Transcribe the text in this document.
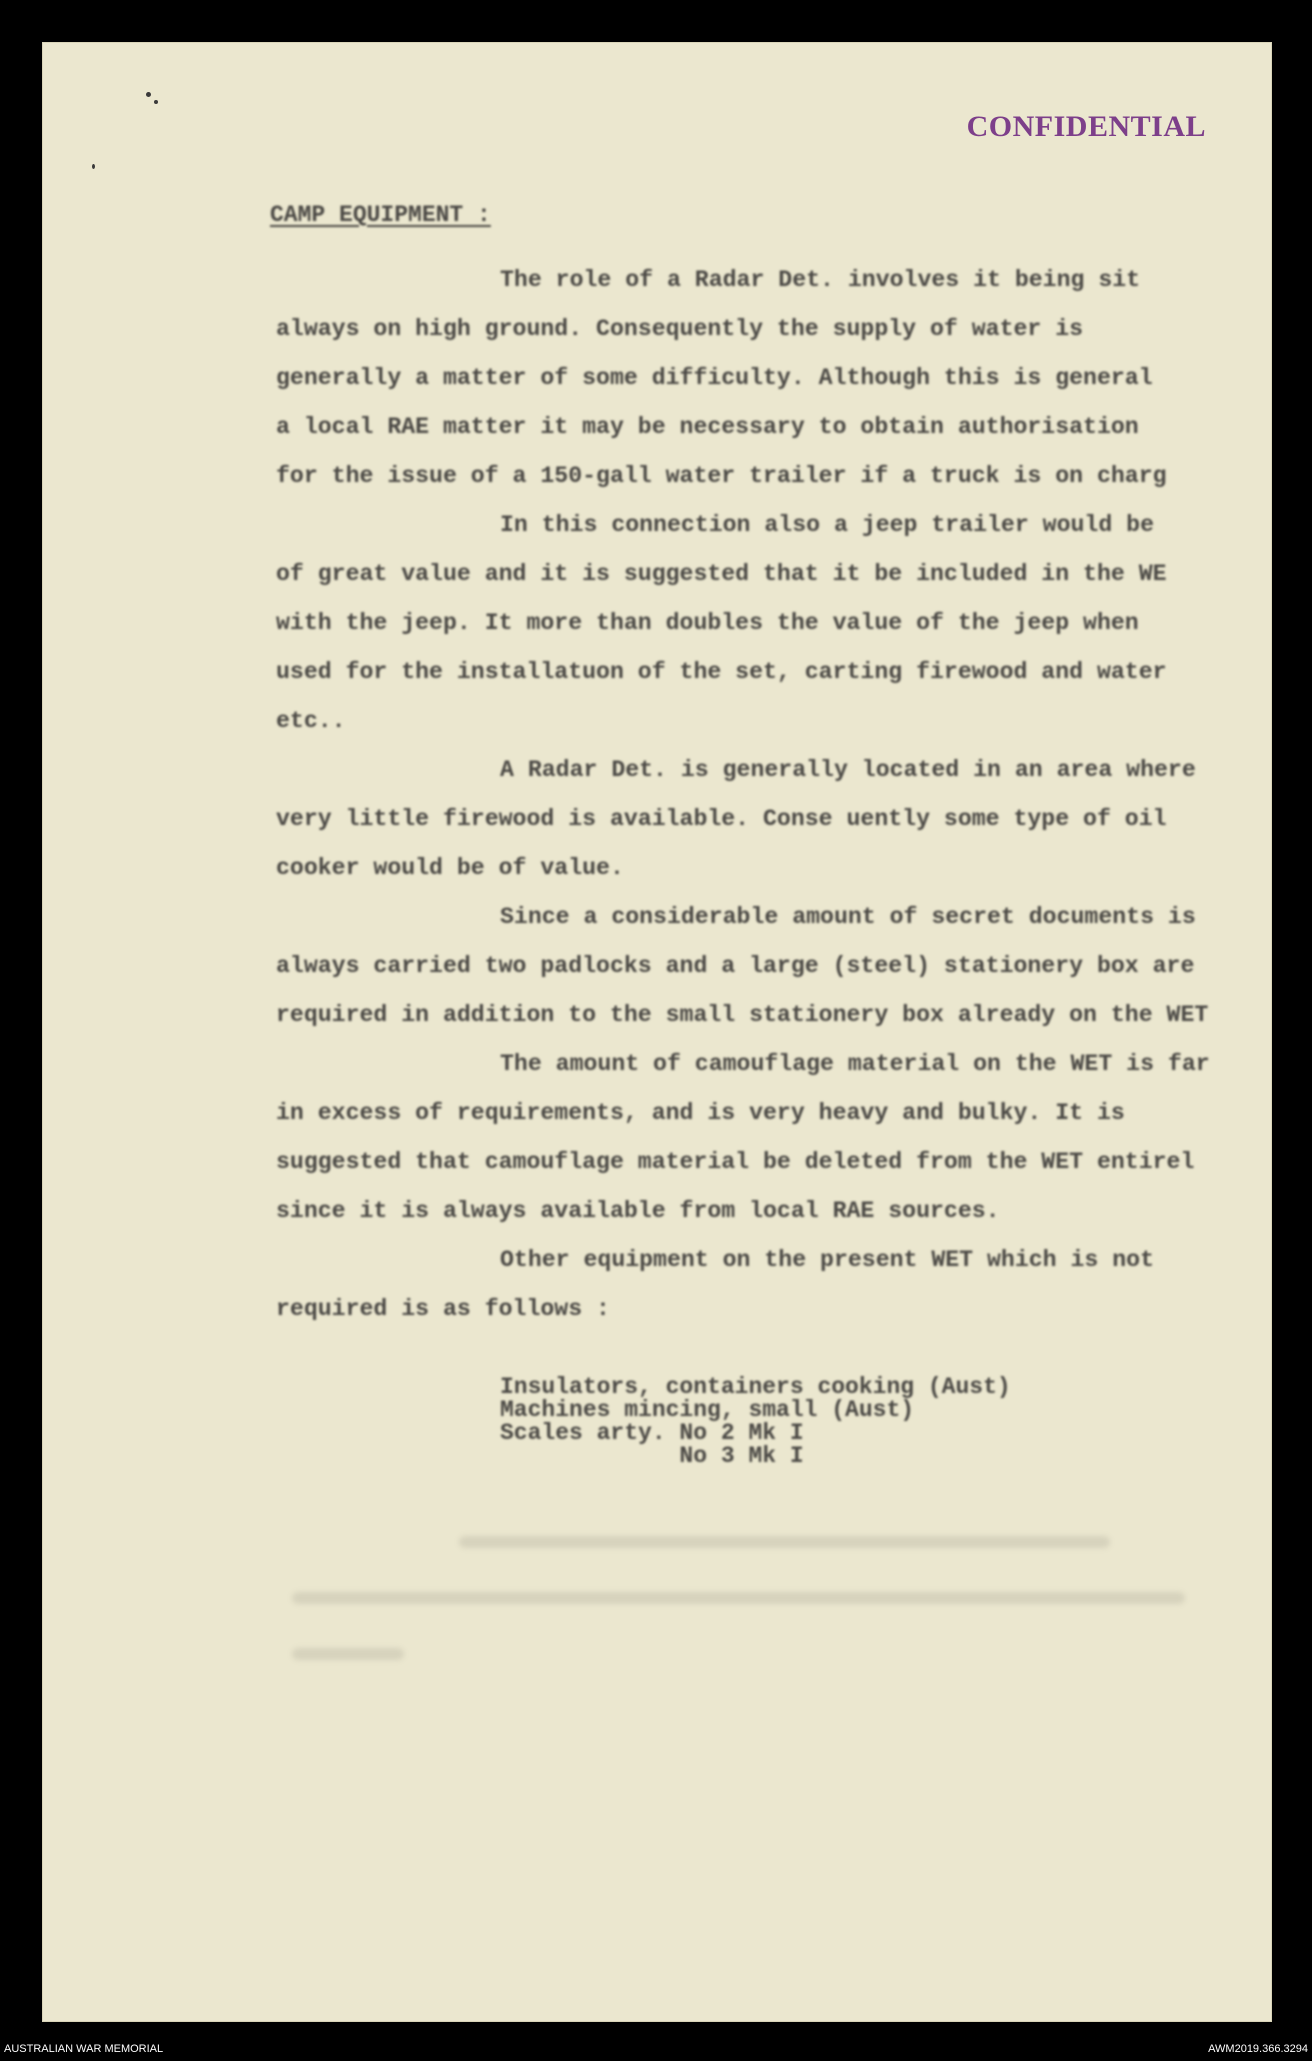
CONFIDENTIAL
CAMP EQUIPMENT :
The role of a Radar Det. involves it being sit
always on high ground. Consequently the supply of water is
generally a matter of some difficulty. Although this is general
a local RAE matter it may be necessary to obtain authorisation
for the issue of a 150-gall water trailer if a truck is on charg
In this connection also a jeep trailer would be
of great value and it is suggested that it be included in the WE
with the jeep. It more than doubles the value of the jeep when
used for the installatuon of the set, carting firewood and water
etc..
A Radar Det. is generally located in an area where
very little firewood is available. Conse uently some type of oil
cooker would be of value.
Since a considerable amount of secret documents is
always carried two padlocks and a large (steel) stationery box are
required in addition to the small stationery box already on the WET
The amount of camouflage material on the WET is far
in excess of requirements, and is very heavy and bulky. It is
suggested that camouflage material be deleted from the WET entirel
since it is always available from local RAE sources.
Other equipment on the present WET which is not
required is as follows :
Insulators, containers cooking (Aust)
Machines mincing, small (Aust)
Scales arty. No 2 Mk I
No 3 Mk I
AUSTRALIAN WAR MEMORIAL	AWM2019.366.3294
